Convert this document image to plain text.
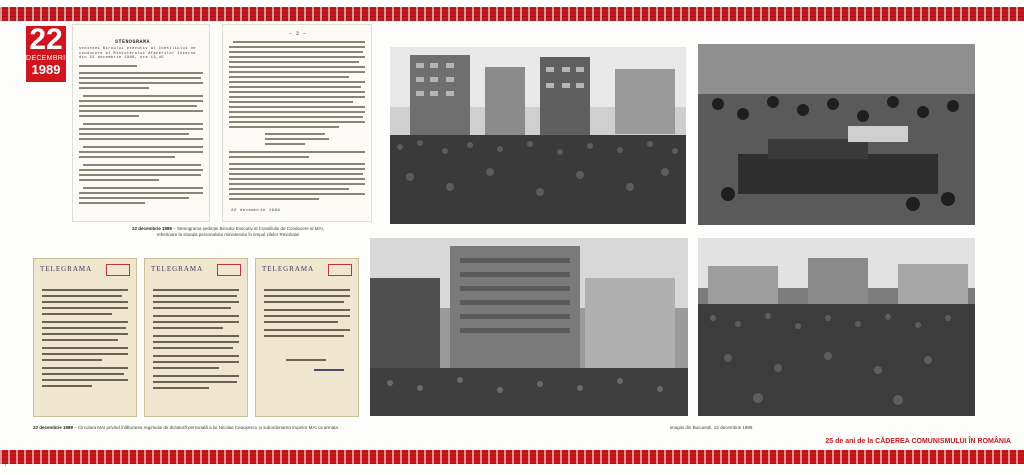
22
DECEMBRIE
1989
STENOGRAMA
ședinței Biroului executiv al Consiliului de conducere al Ministerului Afacerilor Interne din 22 decembrie 1989, ora 13,45
– 2 –
22 decembrie 1989
22 decembrie 1989 – Stenograma ședinței Biroului Executiv al Consiliului de Conducere al MAI,
referitoare la situația personalului ministerului în timpul zilelor Revoluției
TELEGRAMA	TELEGRAMA	TELEGRAMA
22 decembrie 1989 – Circulara MAI privind înlăturarea regimului de dictatură personală a lui Nicolae Ceaușescu și subordonarea trupelor MAI ca armata	Imagini din București, 22 decembrie 1989
25 de ani de la CĂDEREA COMUNISMULUI ÎN ROMÂNIA
7
